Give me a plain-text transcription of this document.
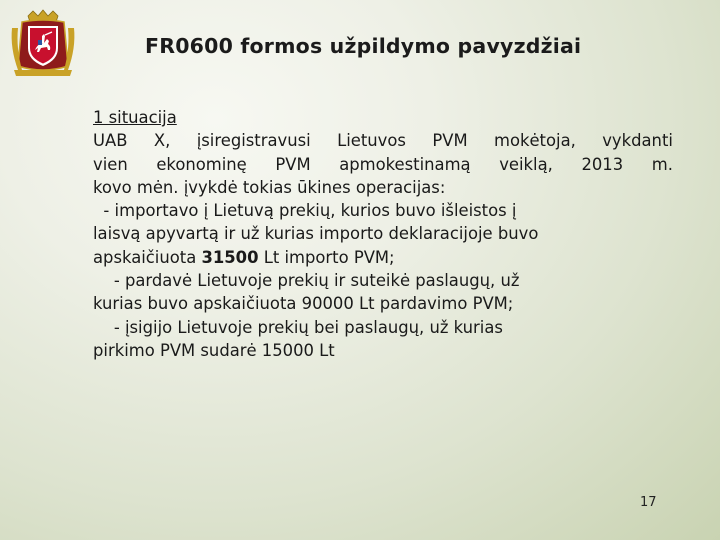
FR0600 formos užpildymo pavyzdžiai
1 situacija
UAB X, įsiregistravusi Lietuvos PVM mokėtoja, vykdanti
vien ekonominę PVM apmokestinamą veiklą, 2013 m.
kovo mėn. įvykdė tokias ūkines operacijas:
- importavo į Lietuvą prekių, kurios buvo išleistos į
laisvą apyvartą ir už kurias importo deklaracijoje buvo
apskaičiuota 31500 Lt importo PVM;
- pardavė Lietuvoje prekių ir suteikė paslaugų, už
kurias buvo apskaičiuota 90000 Lt pardavimo PVM;
- įsigijo Lietuvoje prekių bei paslaugų, už kurias
pirkimo PVM sudarė 15000 Lt
17
